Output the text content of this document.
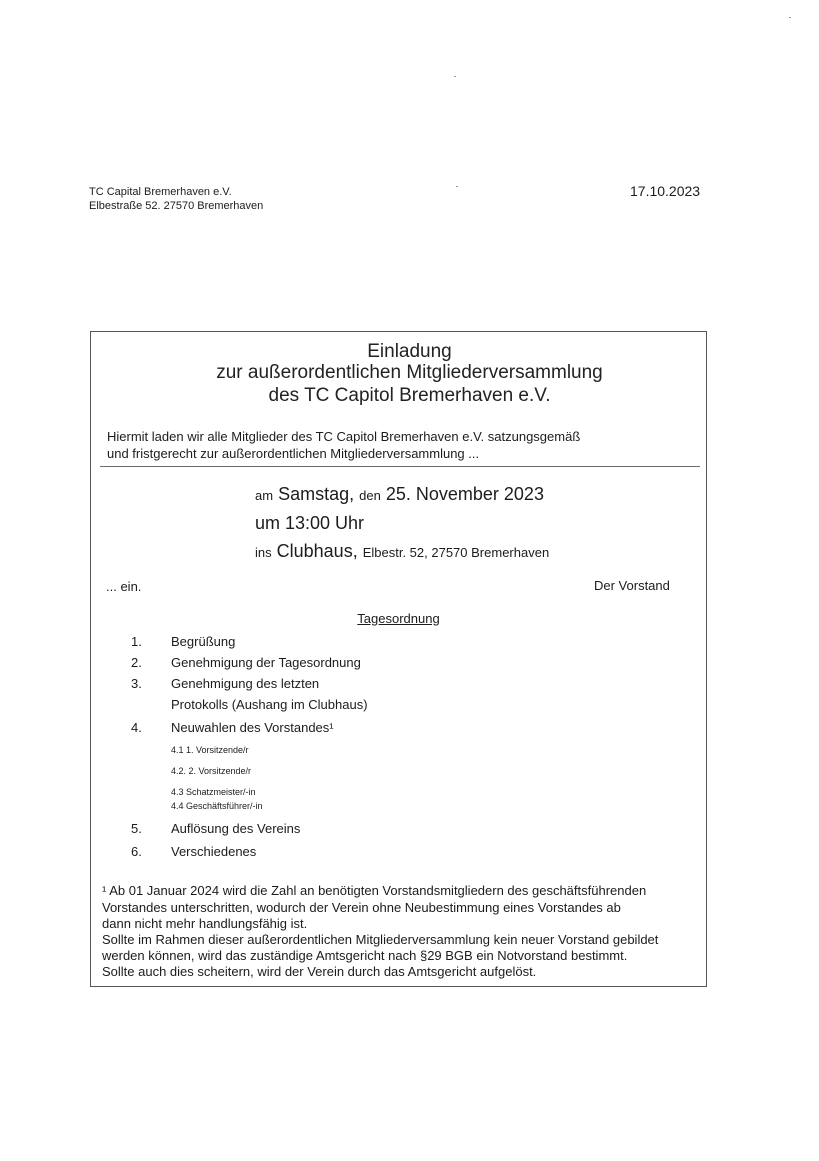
TC Capital Bremerhaven e.V.
Elbestraße 52. 27570 Bremerhaven
17.10.2023
Einladung
zur außerordentlichen Mitgliederversammlung
des TC Capitol Bremerhaven e.V.
Hiermit laden wir alle Mitglieder des TC Capitol Bremerhaven e.V. satzungsgemäß
und fristgerecht zur außerordentlichen Mitgliederversammlung ...
am Samstag, den 25. November 2023
um 13:00 Uhr
ins Clubhaus, Elbestr. 52, 27570 Bremerhaven
... ein.	Der Vorstand
Tagesordnung
1. Begrüßung
2. Genehmigung der Tagesordnung
3. Genehmigung des letzten
Protokolls (Aushang im Clubhaus)
4. Neuwahlen des Vorstandes¹
4.1 1. Vorsitzende/r
4.2. 2. Vorsitzende/r
4.3 Schatzmeister/-in
4.4 Geschäftsführer/-in
5. Auflösung des Vereins
6. Verschiedenes
¹ Ab 01 Januar 2024 wird die Zahl an benötigten Vorstandsmitgliedern des geschäftsführenden
Vorstandes unterschritten, wodurch der Verein ohne Neubestimmung eines Vorstandes ab
dann nicht mehr handlungsfähig ist.
Sollte im Rahmen dieser außerordentlichen Mitgliederversammlung kein neuer Vorstand gebildet
werden können, wird das zuständige Amtsgericht nach §29 BGB ein Notvorstand bestimmt.
Sollte auch dies scheitern, wird der Verein durch das Amtsgericht aufgelöst.
